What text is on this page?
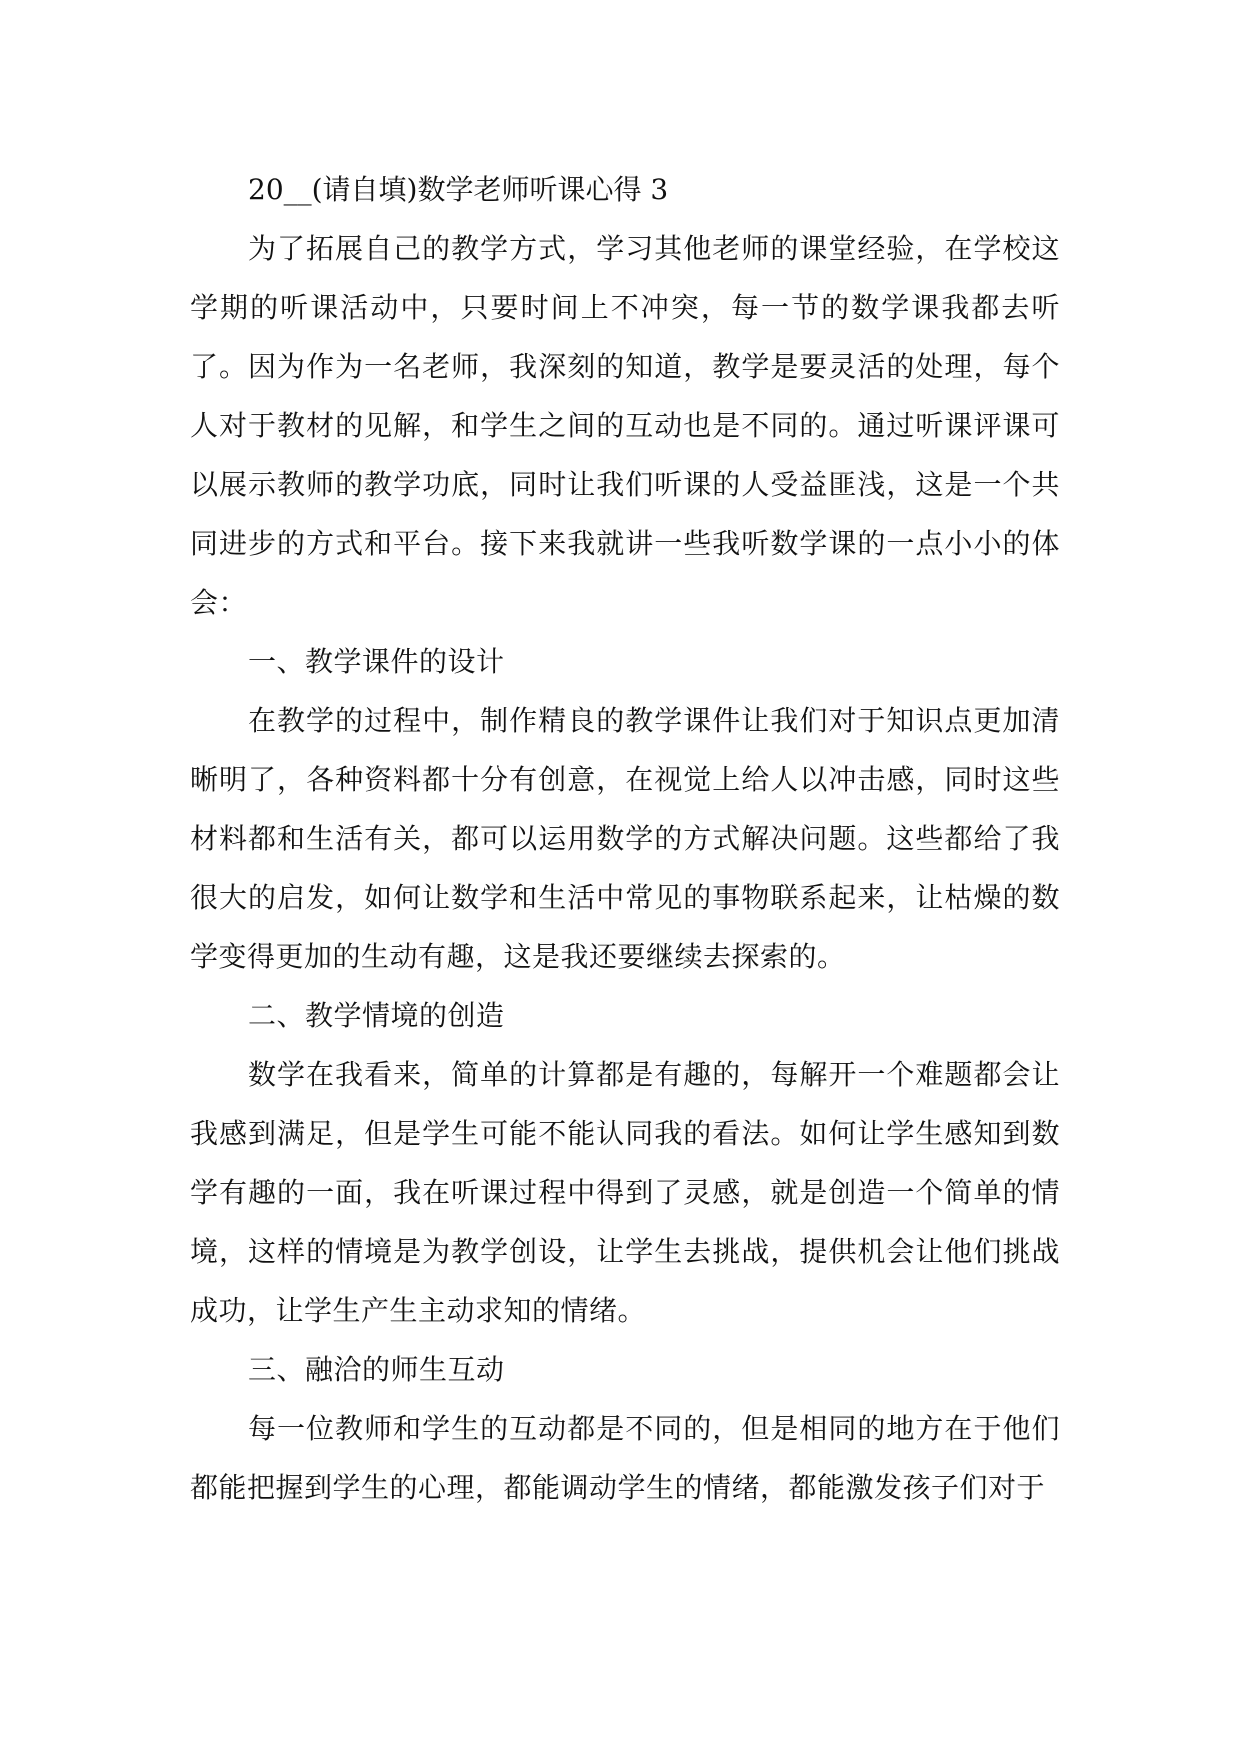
20__(请自填)数学老师听课心得 3

为了拓展自己的教学方式，学习其他老师的课堂经验，在学校这学期的听课活动中，只要时间上不冲突，每一节的数学课我都去听了。因为作为一名老师，我深刻的知道，教学是要灵活的处理，每个人对于教材的见解，和学生之间的互动也是不同的。通过听课评课可以展示教师的教学功底，同时让我们听课的人受益匪浅，这是一个共同进步的方式和平台。接下来我就讲一些我听数学课的一点小小的体会：

一、教学课件的设计

在教学的过程中，制作精良的教学课件让我们对于知识点更加清晰明了，各种资料都十分有创意，在视觉上给人以冲击感，同时这些材料都和生活有关，都可以运用数学的方式解决问题。这些都给了我很大的启发，如何让数学和生活中常见的事物联系起来，让枯燥的数学变得更加的生动有趣，这是我还要继续去探索的。

二、教学情境的创造

数学在我看来，简单的计算都是有趣的，每解开一个难题都会让我感到满足，但是学生可能不能认同我的看法。如何让学生感知到数学有趣的一面，我在听课过程中得到了灵感，就是创造一个简单的情境，这样的情境是为教学创设，让学生去挑战，提供机会让他们挑战成功，让学生产生主动求知的情绪。

三、融洽的师生互动

每一位教师和学生的互动都是不同的，但是相同的地方在于他们都能把握到学生的心理，都能调动学生的情绪，都能激发孩子们对于
